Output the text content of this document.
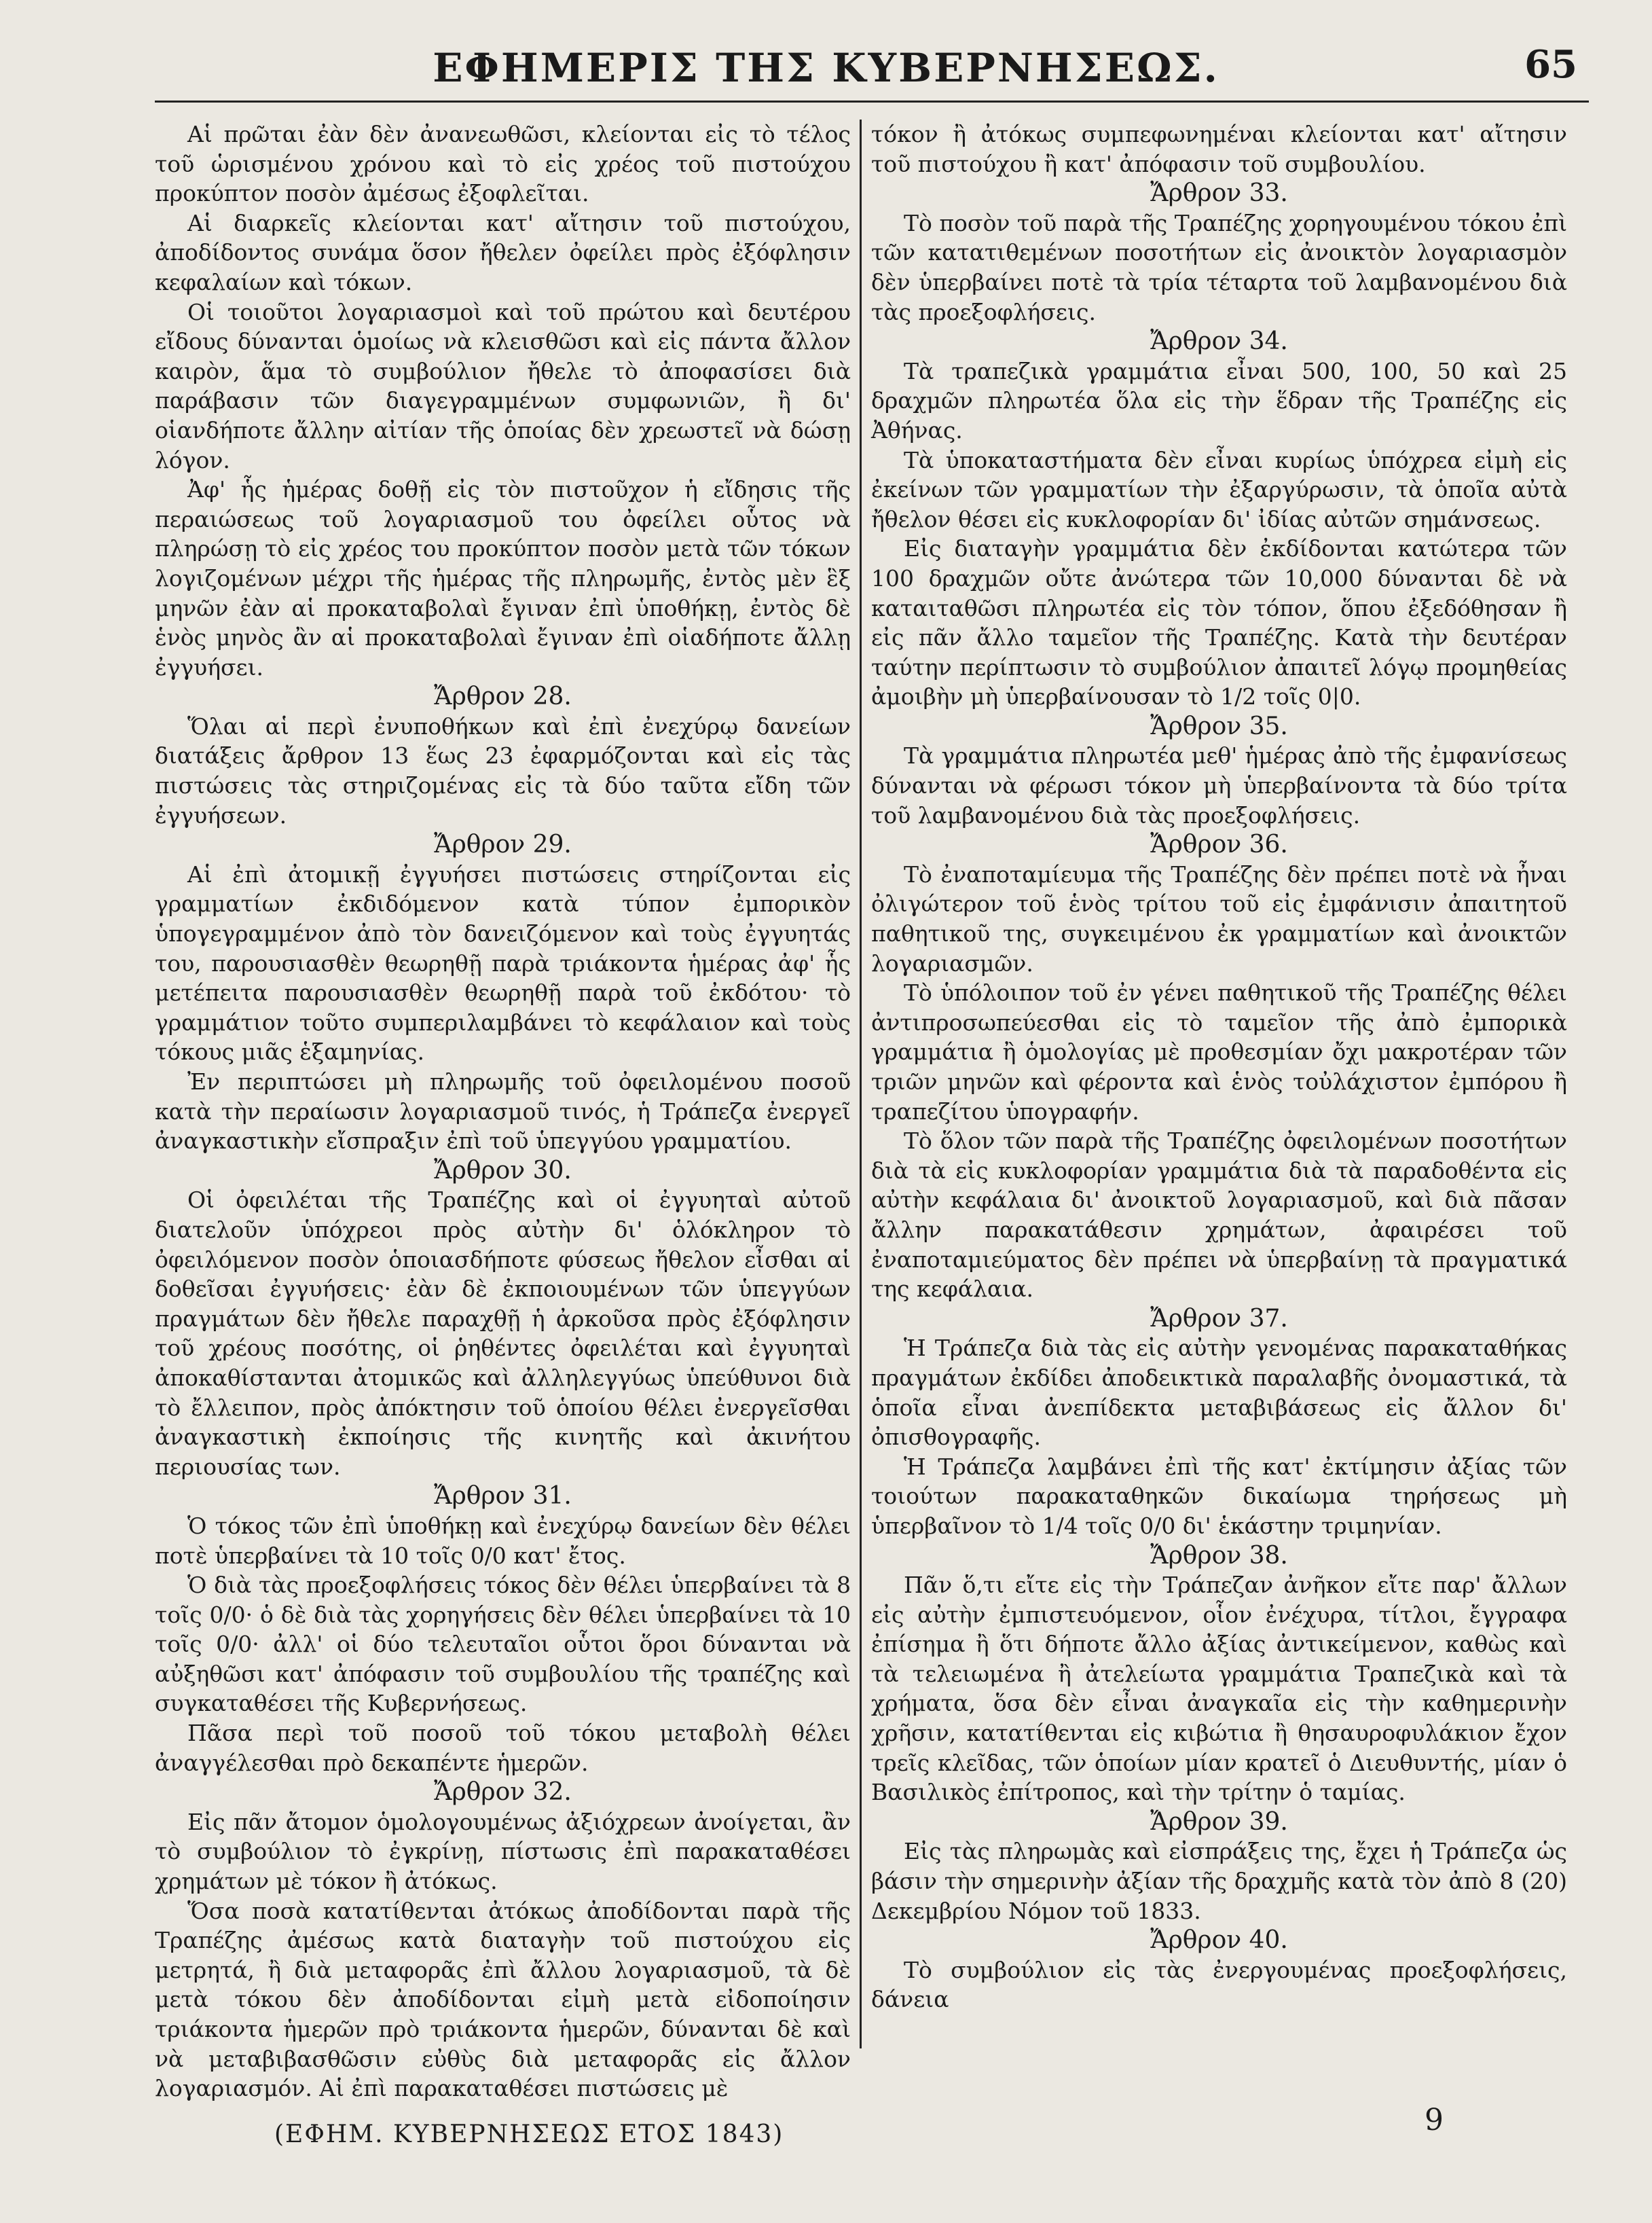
ΕΦΗΜΕΡΙΣ ΤΗΣ ΚΥΒΕΡΝΗΣΕΩΣ.	65

Αἱ πρῶται ἐὰν δὲν ἀνανεωθῶσι, κλείονται εἰς τὸ τέλος τοῦ ὡρισμένου χρόνου καὶ τὸ εἰς χρέος τοῦ πιστούχου προκύπτον ποσὸν ἀμέσως ἐξοφλεῖται.

Αἱ διαρκεῖς κλείονται κατ' αἴτησιν τοῦ πιστούχου, ἀποδίδοντος συνάμα ὅσον ἤθελεν ὀφείλει πρὸς ἐξόφλησιν κεφαλαίων καὶ τόκων.

Οἱ τοιοῦτοι λογαριασμοὶ καὶ τοῦ πρώτου καὶ δευτέρου εἴδους δύνανται ὁμοίως νὰ κλεισθῶσι καὶ εἰς πάντα ἄλλον καιρὸν, ἅμα τὸ συμβούλιον ἤθελε τὸ ἀποφασίσει διὰ παράβασιν τῶν διαγεγραμμένων συμφωνιῶν, ἢ δι' οἱανδήποτε ἄλλην αἰτίαν τῆς ὁποίας δὲν χρεωστεῖ νὰ δώσῃ λόγον.

Ἀφ' ἧς ἡμέρας δοθῇ εἰς τὸν πιστοῦχον ἡ εἴδησις τῆς περαιώσεως τοῦ λογαριασμοῦ του ὀφείλει οὗτος νὰ πληρώσῃ τὸ εἰς χρέος του προκύπτον ποσὸν μετὰ τῶν τόκων λογιζομένων μέχρι τῆς ἡμέρας τῆς πληρωμῆς, ἐντὸς μὲν ἓξ μηνῶν ἐὰν αἱ προκαταβολαὶ ἔγιναν ἐπὶ ὑποθήκῃ, ἐντὸς δὲ ἑνὸς μηνὸς ἂν αἱ προκαταβολαὶ ἔγιναν ἐπὶ οἱαδήποτε ἄλλῃ ἐγγυήσει.

Ἄρθρον 28.

Ὅλαι αἱ περὶ ἐνυποθήκων καὶ ἐπὶ ἐνεχύρῳ δανείων διατάξεις ἄρθρον 13 ἕως 23 ἐφαρμόζονται καὶ εἰς τὰς πιστώσεις τὰς στηριζομένας εἰς τὰ δύο ταῦτα εἴδη τῶν ἐγγυήσεων.

Ἄρθρον 29.

Αἱ ἐπὶ ἀτομικῇ ἐγγυήσει πιστώσεις στηρίζονται εἰς γραμματίων ἐκδιδόμενον κατὰ τύπον ἐμπορικὸν ὑπογεγραμμένον ἀπὸ τὸν δανειζόμενον καὶ τοὺς ἐγγυητάς του, παρουσιασθὲν θεωρηθῇ παρὰ τριάκοντα ἡμέρας ἀφ' ἧς μετέπειτα παρουσιασθὲν θεωρηθῇ παρὰ τοῦ ἐκδότου· τὸ γραμμάτιον τοῦτο συμπεριλαμβάνει τὸ κεφάλαιον καὶ τοὺς τόκους μιᾶς ἑξαμηνίας.

Ἐν περιπτώσει μὴ πληρωμῆς τοῦ ὀφειλομένου ποσοῦ κατὰ τὴν περαίωσιν λογαριασμοῦ τινός, ἡ Τράπεζα ἐνεργεῖ ἀναγκαστικὴν εἴσπραξιν ἐπὶ τοῦ ὑπεγγύου γραμματίου.

Ἄρθρον 30.

Οἱ ὀφειλέται τῆς Τραπέζης καὶ οἱ ἐγγυηταὶ αὐτοῦ διατελοῦν ὑπόχρεοι πρὸς αὐτὴν δι' ὁλόκληρον τὸ ὀφειλόμενον ποσὸν ὁποιασδήποτε φύσεως ἤθελον εἶσθαι αἱ δοθεῖσαι ἐγγυήσεις· ἐὰν δὲ ἐκποιουμένων τῶν ὑπεγγύων πραγμάτων δὲν ἤθελε παραχθῇ ἡ ἀρκοῦσα πρὸς ἐξόφλησιν τοῦ χρέους ποσότης, οἱ ῥηθέντες ὀφειλέται καὶ ἐγγυηταὶ ἀποκαθίστανται ἀτομικῶς καὶ ἀλληλεγγύως ὑπεύθυνοι διὰ τὸ ἔλλειπον, πρὸς ἀπόκτησιν τοῦ ὁποίου θέλει ἐνεργεῖσθαι ἀναγκαστικὴ ἐκποίησις τῆς κινητῆς καὶ ἀκινήτου περιουσίας των.

Ἄρθρον 31.

Ὁ τόκος τῶν ἐπὶ ὑποθήκῃ καὶ ἐνεχύρῳ δανείων δὲν θέλει ποτὲ ὑπερβαίνει τὰ 10 τοῖς 0/0 κατ' ἔτος.

Ὁ διὰ τὰς προεξοφλήσεις τόκος δὲν θέλει ὑπερβαίνει τὰ 8 τοῖς 0/0· ὁ δὲ διὰ τὰς χορηγήσεις δὲν θέλει ὑπερβαίνει τὰ 10 τοῖς 0/0· ἀλλ' οἱ δύο τελευταῖοι οὗτοι ὅροι δύνανται νὰ αὐξηθῶσι κατ' ἀπόφασιν τοῦ συμβουλίου τῆς τραπέζης καὶ συγκαταθέσει τῆς Κυβερνήσεως.

Πᾶσα περὶ τοῦ ποσοῦ τοῦ τόκου μεταβολὴ θέλει ἀναγγέλεσθαι πρὸ δεκαπέντε ἡμερῶν.

Ἄρθρον 32.

Εἰς πᾶν ἄτομον ὁμολογουμένως ἀξιόχρεων ἀνοίγεται, ἂν τὸ συμβούλιον τὸ ἐγκρίνῃ, πίστωσις ἐπὶ παρακαταθέσει χρημάτων μὲ τόκον ἢ ἀτόκως.

Ὅσα ποσὰ κατατίθενται ἀτόκως ἀποδίδονται παρὰ τῆς Τραπέζης ἀμέσως κατὰ διαταγὴν τοῦ πιστούχου εἰς μετρητά, ἢ διὰ μεταφορᾶς ἐπὶ ἄλλου λογαριασμοῦ, τὰ δὲ μετὰ τόκου δὲν ἀποδίδονται εἰμὴ μετὰ εἰδοποίησιν τριάκοντα ἡμερῶν πρὸ τριάκοντα ἡμερῶν, δύνανται δὲ καὶ νὰ μεταβιβασθῶσιν εὐθὺς διὰ μεταφορᾶς εἰς ἄλλον λογαριασμόν. Αἱ ἐπὶ παρακαταθέσει πιστώσεις μὲ

τόκον ἢ ἀτόκως συμπεφωνημέναι κλείονται κατ' αἴτησιν τοῦ πιστούχου ἢ κατ' ἀπόφασιν τοῦ συμβουλίου.

Ἄρθρον 33.

Τὸ ποσὸν τοῦ παρὰ τῆς Τραπέζης χορηγουμένου τόκου ἐπὶ τῶν κατατιθεμένων ποσοτήτων εἰς ἀνοικτὸν λογαριασμὸν δὲν ὑπερβαίνει ποτὲ τὰ τρία τέταρτα τοῦ λαμβανομένου διὰ τὰς προεξοφλήσεις.

Ἄρθρον 34.

Τὰ τραπεζικὰ γραμμάτια εἶναι 500, 100, 50 καὶ 25 δραχμῶν πληρωτέα ὅλα εἰς τὴν ἕδραν τῆς Τραπέζης εἰς Ἀθήνας.

Τὰ ὑποκαταστήματα δὲν εἶναι κυρίως ὑπόχρεα εἰμὴ εἰς ἐκείνων τῶν γραμματίων τὴν ἐξαργύρωσιν, τὰ ὁποῖα αὐτὰ ἤθελον θέσει εἰς κυκλοφορίαν δι' ἰδίας αὐτῶν σημάνσεως.

Εἰς διαταγὴν γραμμάτια δὲν ἐκδίδονται κατώτερα τῶν 100 δραχμῶν οὔτε ἀνώτερα τῶν 10,000 δύνανται δὲ νὰ καταιταθῶσι πληρωτέα εἰς τὸν τόπον, ὅπου ἐξεδόθησαν ἢ εἰς πᾶν ἄλλο ταμεῖον τῆς Τραπέζης. Κατὰ τὴν δευτέραν ταύτην περίπτωσιν τὸ συμβούλιον ἀπαιτεῖ λόγῳ προμηθείας ἀμοιβὴν μὴ ὑπερβαίνουσαν τὸ 1/2 τοῖς 0|0.

Ἄρθρον 35.

Τὰ γραμμάτια πληρωτέα μεθ' ἡμέρας ἀπὸ τῆς ἐμφανίσεως δύνανται νὰ φέρωσι τόκον μὴ ὑπερβαίνοντα τὰ δύο τρίτα τοῦ λαμβανομένου διὰ τὰς προεξοφλήσεις.

Ἄρθρον 36.

Τὸ ἐναποταμίευμα τῆς Τραπέζης δὲν πρέπει ποτὲ νὰ ἦναι ὀλιγώτερον τοῦ ἑνὸς τρίτου τοῦ εἰς ἐμφάνισιν ἀπαιτητοῦ παθητικοῦ της, συγκειμένου ἐκ γραμματίων καὶ ἀνοικτῶν λογαριασμῶν.

Τὸ ὑπόλοιπον τοῦ ἐν γένει παθητικοῦ τῆς Τραπέζης θέλει ἀντιπροσωπεύεσθαι εἰς τὸ ταμεῖον τῆς ἀπὸ ἐμπορικὰ γραμμάτια ἢ ὁμολογίας μὲ προθεσμίαν ὄχι μακροτέραν τῶν τριῶν μηνῶν καὶ φέροντα καὶ ἑνὸς τοὐλάχιστον ἐμπόρου ἢ τραπεζίτου ὑπογραφήν.

Τὸ ὅλον τῶν παρὰ τῆς Τραπέζης ὀφειλομένων ποσοτήτων διὰ τὰ εἰς κυκλοφορίαν γραμμάτια διὰ τὰ παραδοθέντα εἰς αὐτὴν κεφάλαια δι' ἀνοικτοῦ λογαριασμοῦ, καὶ διὰ πᾶσαν ἄλλην παρακατάθεσιν χρημάτων, ἀφαιρέσει τοῦ ἐναποταμιεύματος δὲν πρέπει νὰ ὑπερβαίνῃ τὰ πραγματικά της κεφάλαια.

Ἄρθρον 37.

Ἡ Τράπεζα διὰ τὰς εἰς αὐτὴν γενομένας παρακαταθήκας πραγμάτων ἐκδίδει ἀποδεικτικὰ παραλαβῆς ὀνομαστικά, τὰ ὁποῖα εἶναι ἀνεπίδεκτα μεταβιβάσεως εἰς ἄλλον δι' ὀπισθογραφῆς.

Ἡ Τράπεζα λαμβάνει ἐπὶ τῆς κατ' ἐκτίμησιν ἀξίας τῶν τοιούτων παρακαταθηκῶν δικαίωμα τηρήσεως μὴ ὑπερβαῖνον τὸ 1/4 τοῖς 0/0 δι' ἑκάστην τριμηνίαν.

Ἄρθρον 38.

Πᾶν ὅ,τι εἴτε εἰς τὴν Τράπεζαν ἀνῆκον εἴτε παρ' ἄλλων εἰς αὐτὴν ἐμπιστευόμενον, οἷον ἐνέχυρα, τίτλοι, ἔγγραφα ἐπίσημα ἢ ὅτι δήποτε ἄλλο ἀξίας ἀντικείμενον, καθὼς καὶ τὰ τελειωμένα ἢ ἀτελείωτα γραμμάτια Τραπεζικὰ καὶ τὰ χρήματα, ὅσα δὲν εἶναι ἀναγκαῖα εἰς τὴν καθημερινὴν χρῆσιν, κατατίθενται εἰς κιβώτια ἢ θησαυροφυλάκιον ἔχον τρεῖς κλεῖδας, τῶν ὁποίων μίαν κρατεῖ ὁ Διευθυντής, μίαν ὁ Βασιλικὸς ἐπίτροπος, καὶ τὴν τρίτην ὁ ταμίας.

Ἄρθρον 39.

Εἰς τὰς πληρωμὰς καὶ εἰσπράξεις της, ἔχει ἡ Τράπεζα ὡς βάσιν τὴν σημερινὴν ἀξίαν τῆς δραχμῆς κατὰ τὸν ἀπὸ 8 (20) Δεκεμβρίου Νόμον τοῦ 1833.

Ἄρθρον 40.

Τὸ συμβούλιον εἰς τὰς ἐνεργουμένας προεξοφλήσεις, δάνεια

(ΕΦΗΜ. ΚΥΒΕΡΝΗΣΕΩΣ ΕΤΟΣ 1843)	9
